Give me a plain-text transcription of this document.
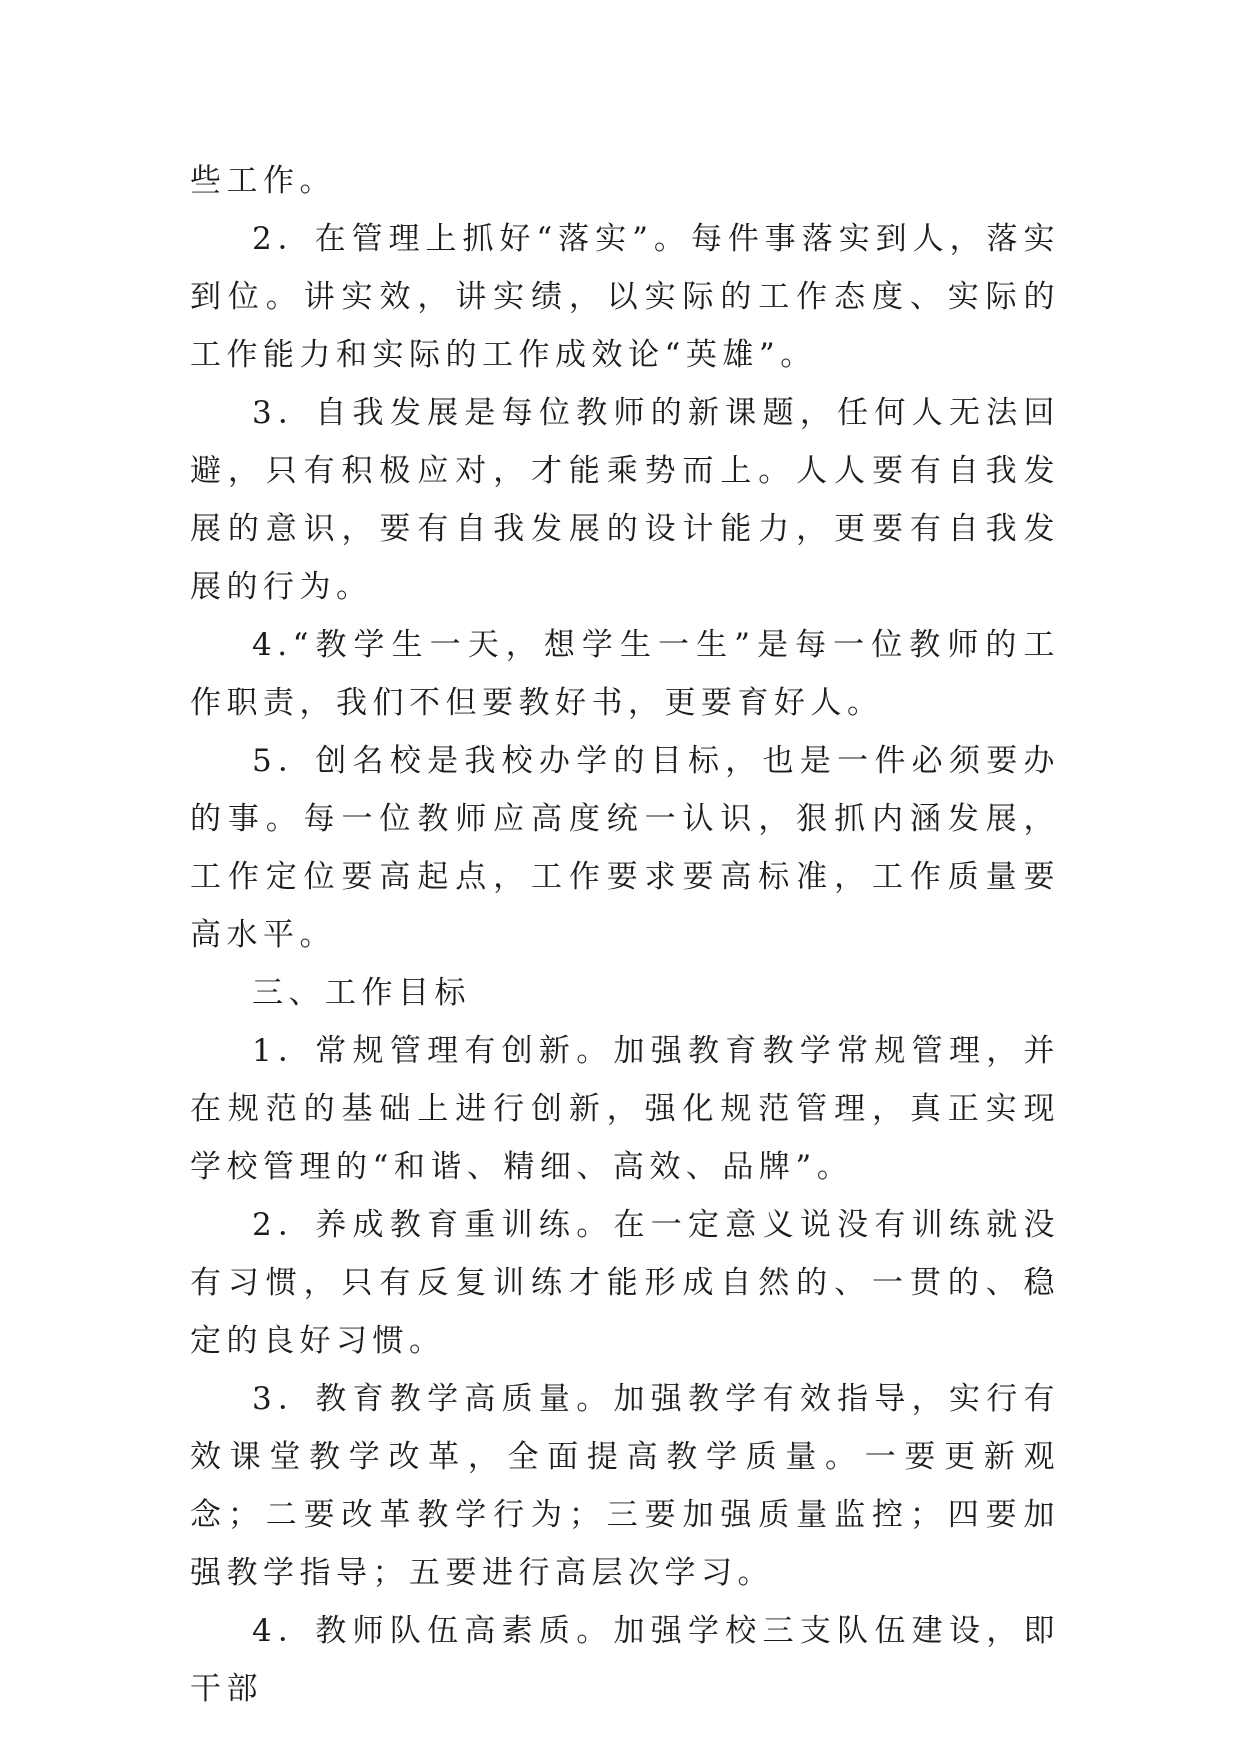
些工作。

2．在管理上抓好“落实”。每件事落实到人，落实到位。讲实效，讲实绩，以实际的工作态度、实际的工作能力和实际的工作成效论“英雄”。

3．自我发展是每位教师的新课题，任何人无法回避，只有积极应对，才能乘势而上。人人要有自我发展的意识，要有自我发展的设计能力，更要有自我发展的行为。

4.“教学生一天，想学生一生”是每一位教师的工作职责，我们不但要教好书，更要育好人。

5．创名校是我校办学的目标，也是一件必须要办的事。每一位教师应高度统一认识，狠抓内涵发展，工作定位要高起点，工作要求要高标准，工作质量要高水平。

三、工作目标

1．常规管理有创新。加强教育教学常规管理，并在规范的基础上进行创新，强化规范管理，真正实现学校管理的“和谐、精细、高效、品牌”。

2．养成教育重训练。在一定意义说没有训练就没有习惯，只有反复训练才能形成自然的、一贯的、稳定的良好习惯。

3．教育教学高质量。加强教学有效指导，实行有效课堂教学改革，全面提高教学质量。一要更新观念；二要改革教学行为；三要加强质量监控；四要加强教学指导；五要进行高层次学习。

4．教师队伍高素质。加强学校三支队伍建设，即干部
